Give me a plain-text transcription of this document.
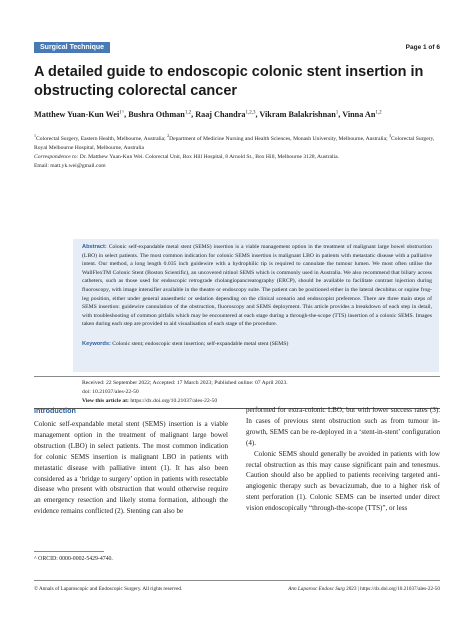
Surgical Technique	Page 1 of 6
A detailed guide to endoscopic colonic stent insertion in obstructing colorectal cancer
Matthew Yuan-Kun Wei$^{1\^{}}$, Bushra Othman$^{1,2}$, Raaj Chandra$^{1,2,3}$, Vikram Balakrishnan$^1$, Vinna An$^{1,2}$
$^1$Colorectal Surgery, Eastern Health, Melbourne, Australia; $^2$Department of Medicine Nursing and Health Sciences, Monash University, Melbourne, Australia; $^3$Colorectal Surgery, Royal Melbourne Hospital, Melbourne, Australia
Correspondence to: Dr. Matthew Yuan-Kun Wei. Colorectal Unit, Box Hill Hospital, 8 Arnold St., Box Hill, Melbourne 3128, Australia.
Email: matt.yk.wei@gmail.com
Abstract: Colonic self-expandable metal stent (SEMS) insertion is a viable management option in the treatment of malignant large bowel obstruction (LBO) in select patients. The most common indication for colonic SEMS insertion is malignant LBO in patients with metastatic disease with a palliative intent. Our method, a long length 0.035 inch guidewire with a hydrophilic tip is required to cannulate the tumour lumen. We most often utilise the WallFlexTM Colonic Stent (Boston Scientific), an uncovered nitinol SEMS which is commonly used in Australia. We also recommend that biliary access catheters, such as those used for endoscopic retrograde cholangiopancreatography (ERCP), should be available to facilitate contrast injection during fluoroscopy, with image intensifier available in the theatre or endoscopy suite. The patient can be positioned either in the lateral decubitus or supine frog-leg position, either under general anaesthetic or sedation depending on the clinical scenario and endoscopist preference. There are three main steps of SEMS insertion: guidewire cannulation of the obstruction, fluoroscopy and SEMS deployment. This article provides a breakdown of each step in detail, with troubleshooting of common pitfalls which may be encountered at each stage during a through-the-scope (TTS) insertion of a colonic SEMS. Images taken during each step are provided to aid visualisation of each stage of the procedure.
Keywords: Colonic stent; endoscopic stent insertion; self-expandable metal stent (SEMS)
Received: 22 September 2022; Accepted: 17 March 2023; Published online: 07 April 2023.
doi: 10.21037/ales-22-50
View this article at: https://dx.doi.org/10.21037/ales-22-50
Introduction

Colonic self-expandable metal stent (SEMS) insertion is a viable management option in the treatment of malignant large bowel obstruction (LBO) in select patients. The most common indication for colonic SEMS insertion is malignant LBO in patients with metastatic disease with palliative intent (1). It has also been considered as a ‘bridge to surgery’ option in patients with resectable disease who present with obstruction that would otherwise require an emergency resection and likely stoma formation, although the evidence remains conflicted (2). Stenting can also be

performed for extra-colonic LBO, but with lower success rates (3). In cases of previous stent obstruction such as from tumour in-growth, SEMS can be re-deployed in a ‘stent-in-stent’ configuration (4).

Colonic SEMS should generally be avoided in patients with low rectal obstruction as this may cause significant pain and tenesmus. Caution should also be applied to patients receiving targeted anti-angiogenic therapy such as bevacizumab, due to a higher risk of stent perforation (1). Colonic SEMS can be inserted under direct vision endoscopically “through-the-scope (TTS)”, or less

^ ORCID: 0000-0002-5429-4740.
© Annals of Laparoscopic and Endoscopic Surgery. All rights reserved.	Ann Laparosc Endosc Surg 2023 | https://dx.doi.org/10.21037/ales-22-50
